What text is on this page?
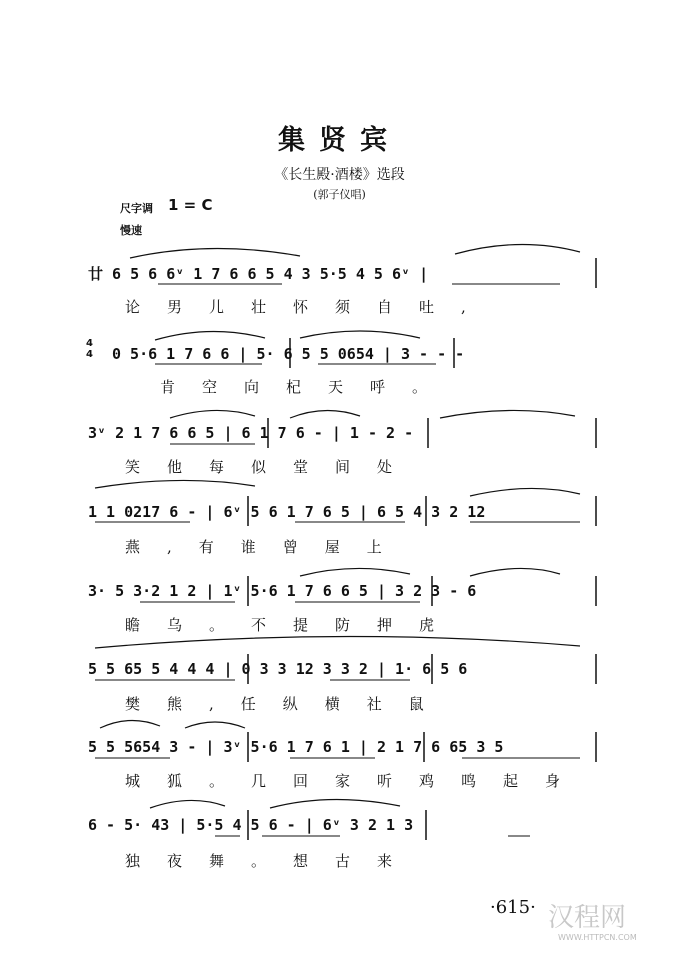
集贤宾
《长生殿·酒楼》选段
(郭子仪唱)
尺字调 1 = C
慢速
4
4
廿 6 5 6 6ᵛ 1 7 6 6 5 4 3 5·5 4 5 6ᵛ |
论男儿壮怀须自吐,
0 5·6 1 7 6 6 | 5· 6 5 5 0654 | 3 - - -
肯空向杞天呼。
3ᵛ 2 1 7 6 6 5 | 6 1 7 6 - | 1 - 2 -
笑他每似堂间处
1 1 0217 6 - | 6ᵛ 5 6 1 7 6 5 | 6 5 4 3 2 12
燕,有谁曾屋上
3· 5 3·2 1 2 | 1ᵛ 5·6 1 7 6 6 5 | 3 2 3 - 6
瞻乌。不提防押虎
5 5 65 5 4 4 4 | 0 3 3 12 3 3 2 | 1· 6 5 6
樊熊,任纵横社鼠
5 5 5654 3 - | 3ᵛ 5·6 1 7 6 1 | 2 1 7 6 65 3 5
城狐。几回家听鸡鸣起身
6 - 5· 43 | 5·5 4 5 6 - | 6ᵛ 3 2 1 3
独夜舞。想古来
·615· 汉程网
WWW.HTTPCN.COM
